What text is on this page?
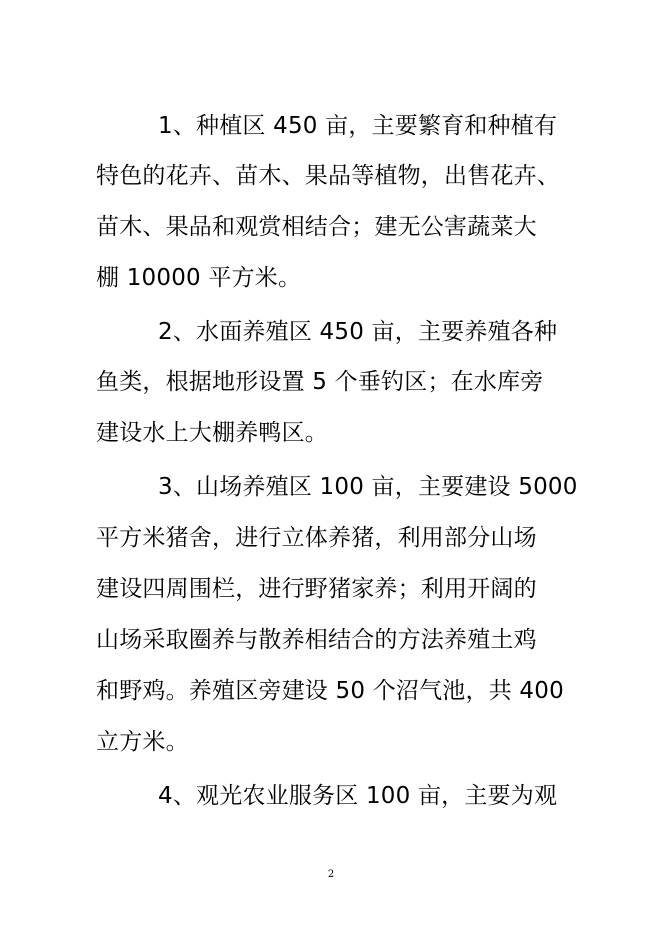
1、种植区 450 亩，主要繁育和种植有
特色的花卉、苗木、果品等植物，出售花卉、
苗木、果品和观赏相结合；建无公害蔬菜大
棚 10000 平方米。
2、水面养殖区 450 亩，主要养殖各种
鱼类，根据地形设置 5 个垂钓区；在水库旁
建设水上大棚养鸭区。
3、山场养殖区 100 亩，主要建设 5000
平方米猪舍，进行立体养猪，利用部分山场
建设四周围栏，进行野猪家养；利用开阔的
山场采取圈养与散养相结合的方法养殖土鸡
和野鸡。养殖区旁建设 50 个沼气池，共 400
立方米。
4、观光农业服务区 100 亩，主要为观
2
